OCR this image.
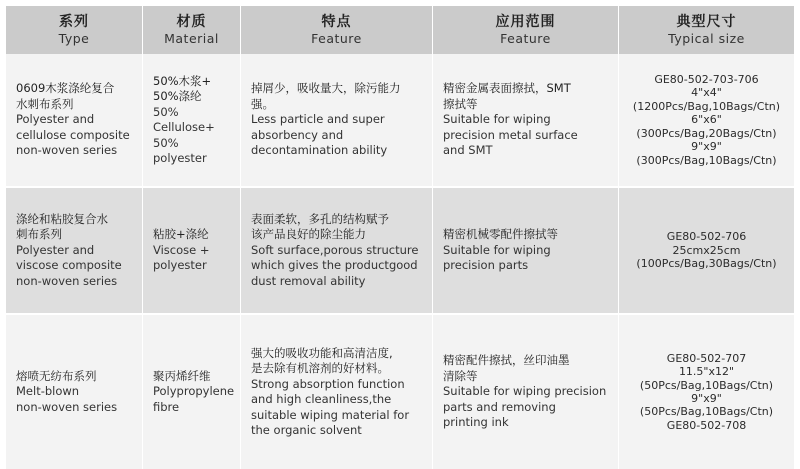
系列
Type
材质
Material
特点
Feature
应用范围
Feature
典型尺寸
Typical size
0609木浆涤纶复合
水刺布系列
Polyester and
cellulose composite
non-woven series
50%木浆+
50%涤纶
50% Cellulose+
50% polyester
掉屑少，吸收量大，除污能力强。
Less particle and super
absorbency and
decontamination ability
精密金属表面擦拭，SMT
擦拭等
Suitable for wiping
precision metal surface
and SMT
GE80-502-703-706
4"x4"
(1200Pcs/Bag,10Bags/Ctn)
6"x6"
(300Pcs/Bag,20Bags/Ctn)
9"x9"
(300Pcs/Bag,10Bags/Ctn)
涤纶和粘胶复合水
刺布系列
Polyester and
viscose composite
non-woven series
粘胶+涤纶
Viscose +
polyester
表面柔软，多孔的结构赋予
该产品良好的除尘能力
Soft surface,porous structure
which gives the productgood
dust removal ability
精密机械零配件擦拭等
Suitable for wiping
precision parts
GE80-502-706
25cmx25cm
(100Pcs/Bag,30Bags/Ctn)
熔喷无纺布系列
Melt-blown
non-woven series
聚丙烯纤维
Polypropylene
fibre
强大的吸收功能和高清洁度,
是去除有机溶剂的好材料。
Strong absorption function
and high cleanliness,the
suitable wiping material for
the organic solvent
精密配件擦拭，丝印油墨
清除等
Suitable for wiping precision
parts and removing
printing ink
GE80-502-707
11.5"x12"
(50Pcs/Bag,10Bags/Ctn)
9"x9"
(50Pcs/Bag,10Bags/Ctn)
GE80-502-708
